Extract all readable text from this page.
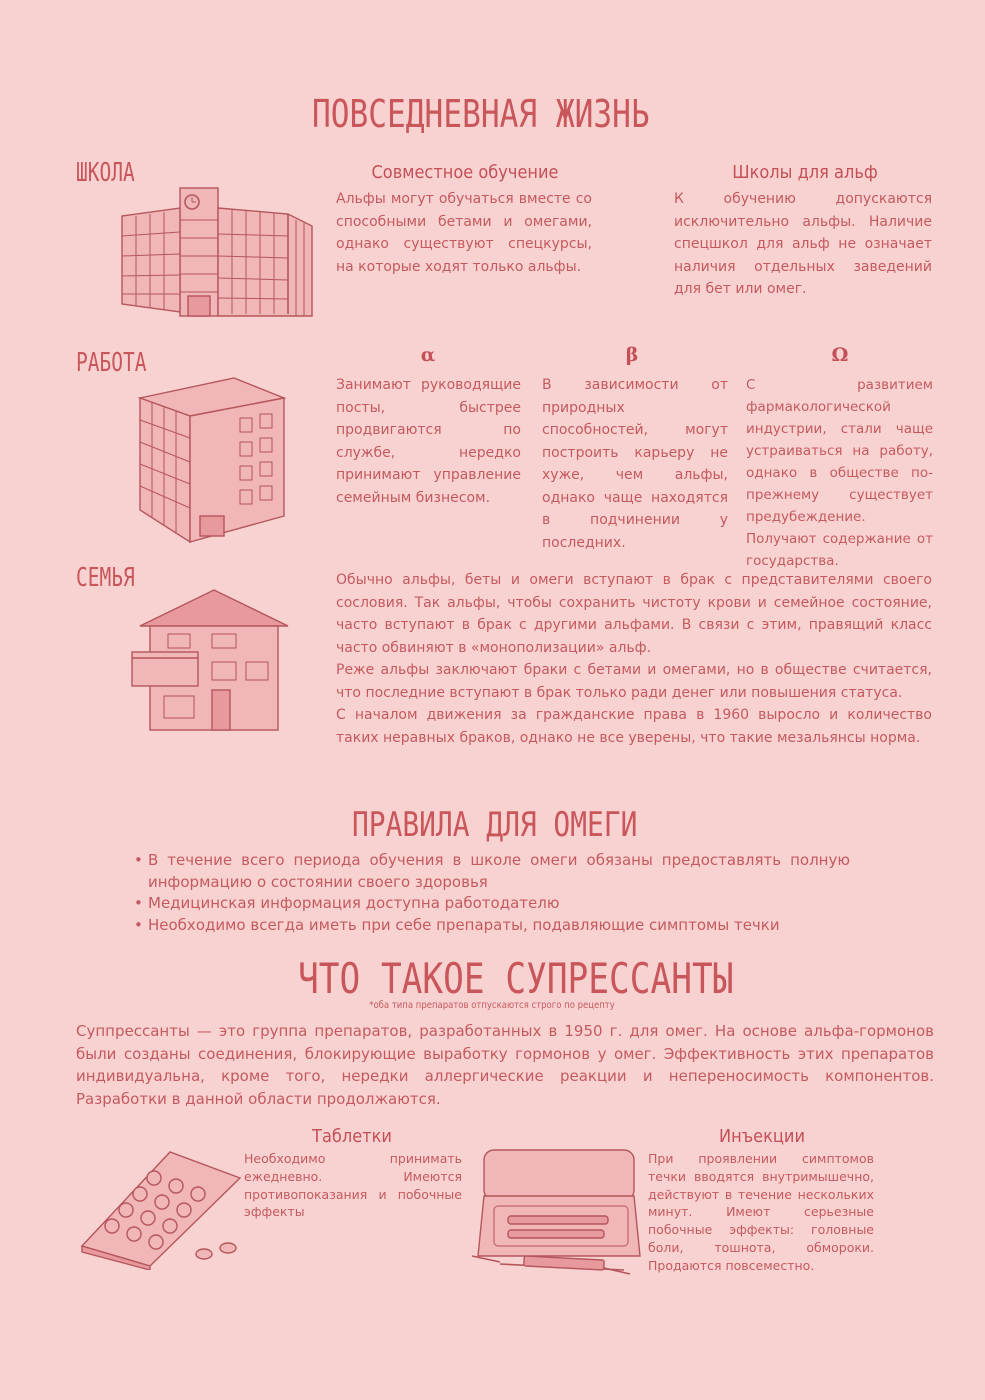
ПОВСЕДНЕВНАЯ ЖИЗНЬ
ШКОЛА	Совместное обучение

Альфы могут обучаться вместе со способными бетами и омегами, однако существуют спецкурсы, на которые ходят только альфы.

Школы для альф

К обучению допускаются исключительно альфы. Наличие спецшкол для альф не означает наличия отдельных заведений для бет или омег.

РАБОТА	α

Занимают руководящие посты, быстрее продвигаются по службе, нередко принимают управление семейным бизнесом.

β

В зависимости от природных способностей, могут построить карьеру не хуже, чем альфы, однако чаще находятся в подчинении у последних.

Ω

С развитием фармакологической индустрии, стали чаще устраиваться на работу, однако в обществе по-прежнему существует предубеждение. Получают содержание от государства.

СЕМЬЯ	Обычно альфы, беты и омеги вступают в брак с представителями своего сословия. Так альфы, чтобы сохранить чистоту крови и семейное состояние, часто вступают в брак с другими альфами. В связи с этим, правящий класс часто обвиняют в «монополизации» альф.

Реже альфы заключают браки с бетами и омегами, но в обществе считается, что последние вступают в брак только ради денег или повышения статуса.

С началом движения за гражданские права в 1960 выросло и количество таких неравных браков, однако не все уверены, что такие мезальянсы норма.

ПРАВИЛА ДЛЯ ОМЕГИ
• В течение всего периода обучения в школе омеги обязаны предоставлять полную информацию о состоянии своего здоровья
• Медицинская информация доступна работодателю
• Необходимо всегда иметь при себе препараты, подавляющие симптомы течки
ЧТО ТАКОЕ СУПРЕССАНТЫ
*оба типа препаратов отпускаются строго по рецепту

Суппрессанты — это группа препаратов, разработанных в 1950 г. для омег. На основе альфа-гормонов были созданы соединения, блокирующие выработку гормонов у омег. Эффективность этих препаратов индивидуальна, кроме того, нередки аллергические реакции и непереносимость компонентов. Разработки в данной области продолжаются.

Таблетки

Необходимо принимать ежедневно. Имеются противопоказания и побочные эффекты

Инъекции

При проявлении симптомов течки вводятся внутримышечно, действуют в течение нескольких минут. Имеют серьезные побочные эффекты: головные боли, тошнота, обмороки. Продаются повсеместно.
